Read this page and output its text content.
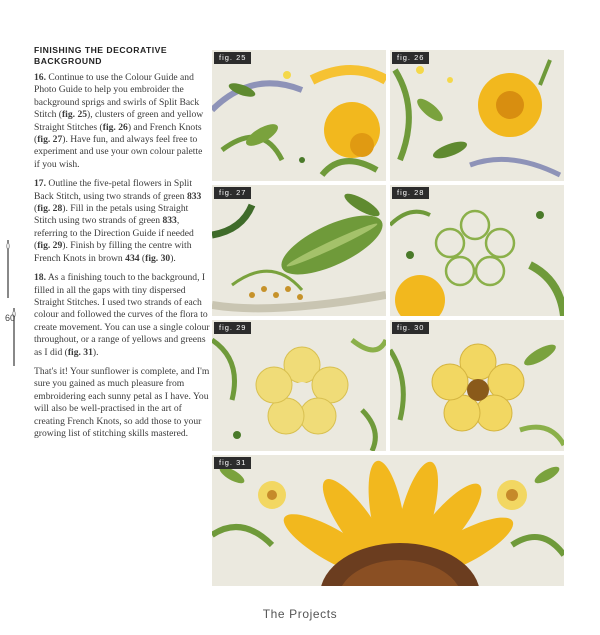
60
FINISHING THE DECORATIVE BACKGROUND

16. Continue to use the Colour Guide and Photo Guide to help you embroider the background sprigs and swirls of Split Back Stitch (fig. 25), clusters of green and yellow Straight Stitches (fig. 26) and French Knots (fig. 27). Have fun, and always feel free to experiment and use your own colour palette if you wish.

17. Outline the five-petal flowers in Split Back Stitch, using two strands of green 833 (fig. 28). Fill in the petals using Straight Stitch using two strands of green 833, referring to the Direction Guide if needed (fig. 29). Finish by filling the centre with French Knots in brown 434 (fig. 30).

18. As a finishing touch to the background, I filled in all the gaps with tiny dispersed Straight Stitches. I used two strands of each colour and followed the curves of the flora to create movement. You can use a single colour throughout, or a range of yellows and greens as I did (fig. 31).

That's it! Your sunflower is complete, and I'm sure you gained as much pleasure from embroidering each sunny petal as I have. You will also be well-practised in the art of creating French Knots, so add those to your growing list of stitching skills mastered.

fig. 25	fig. 26
fig. 27	fig. 28
fig. 29	fig. 30
fig. 31
The Projects
